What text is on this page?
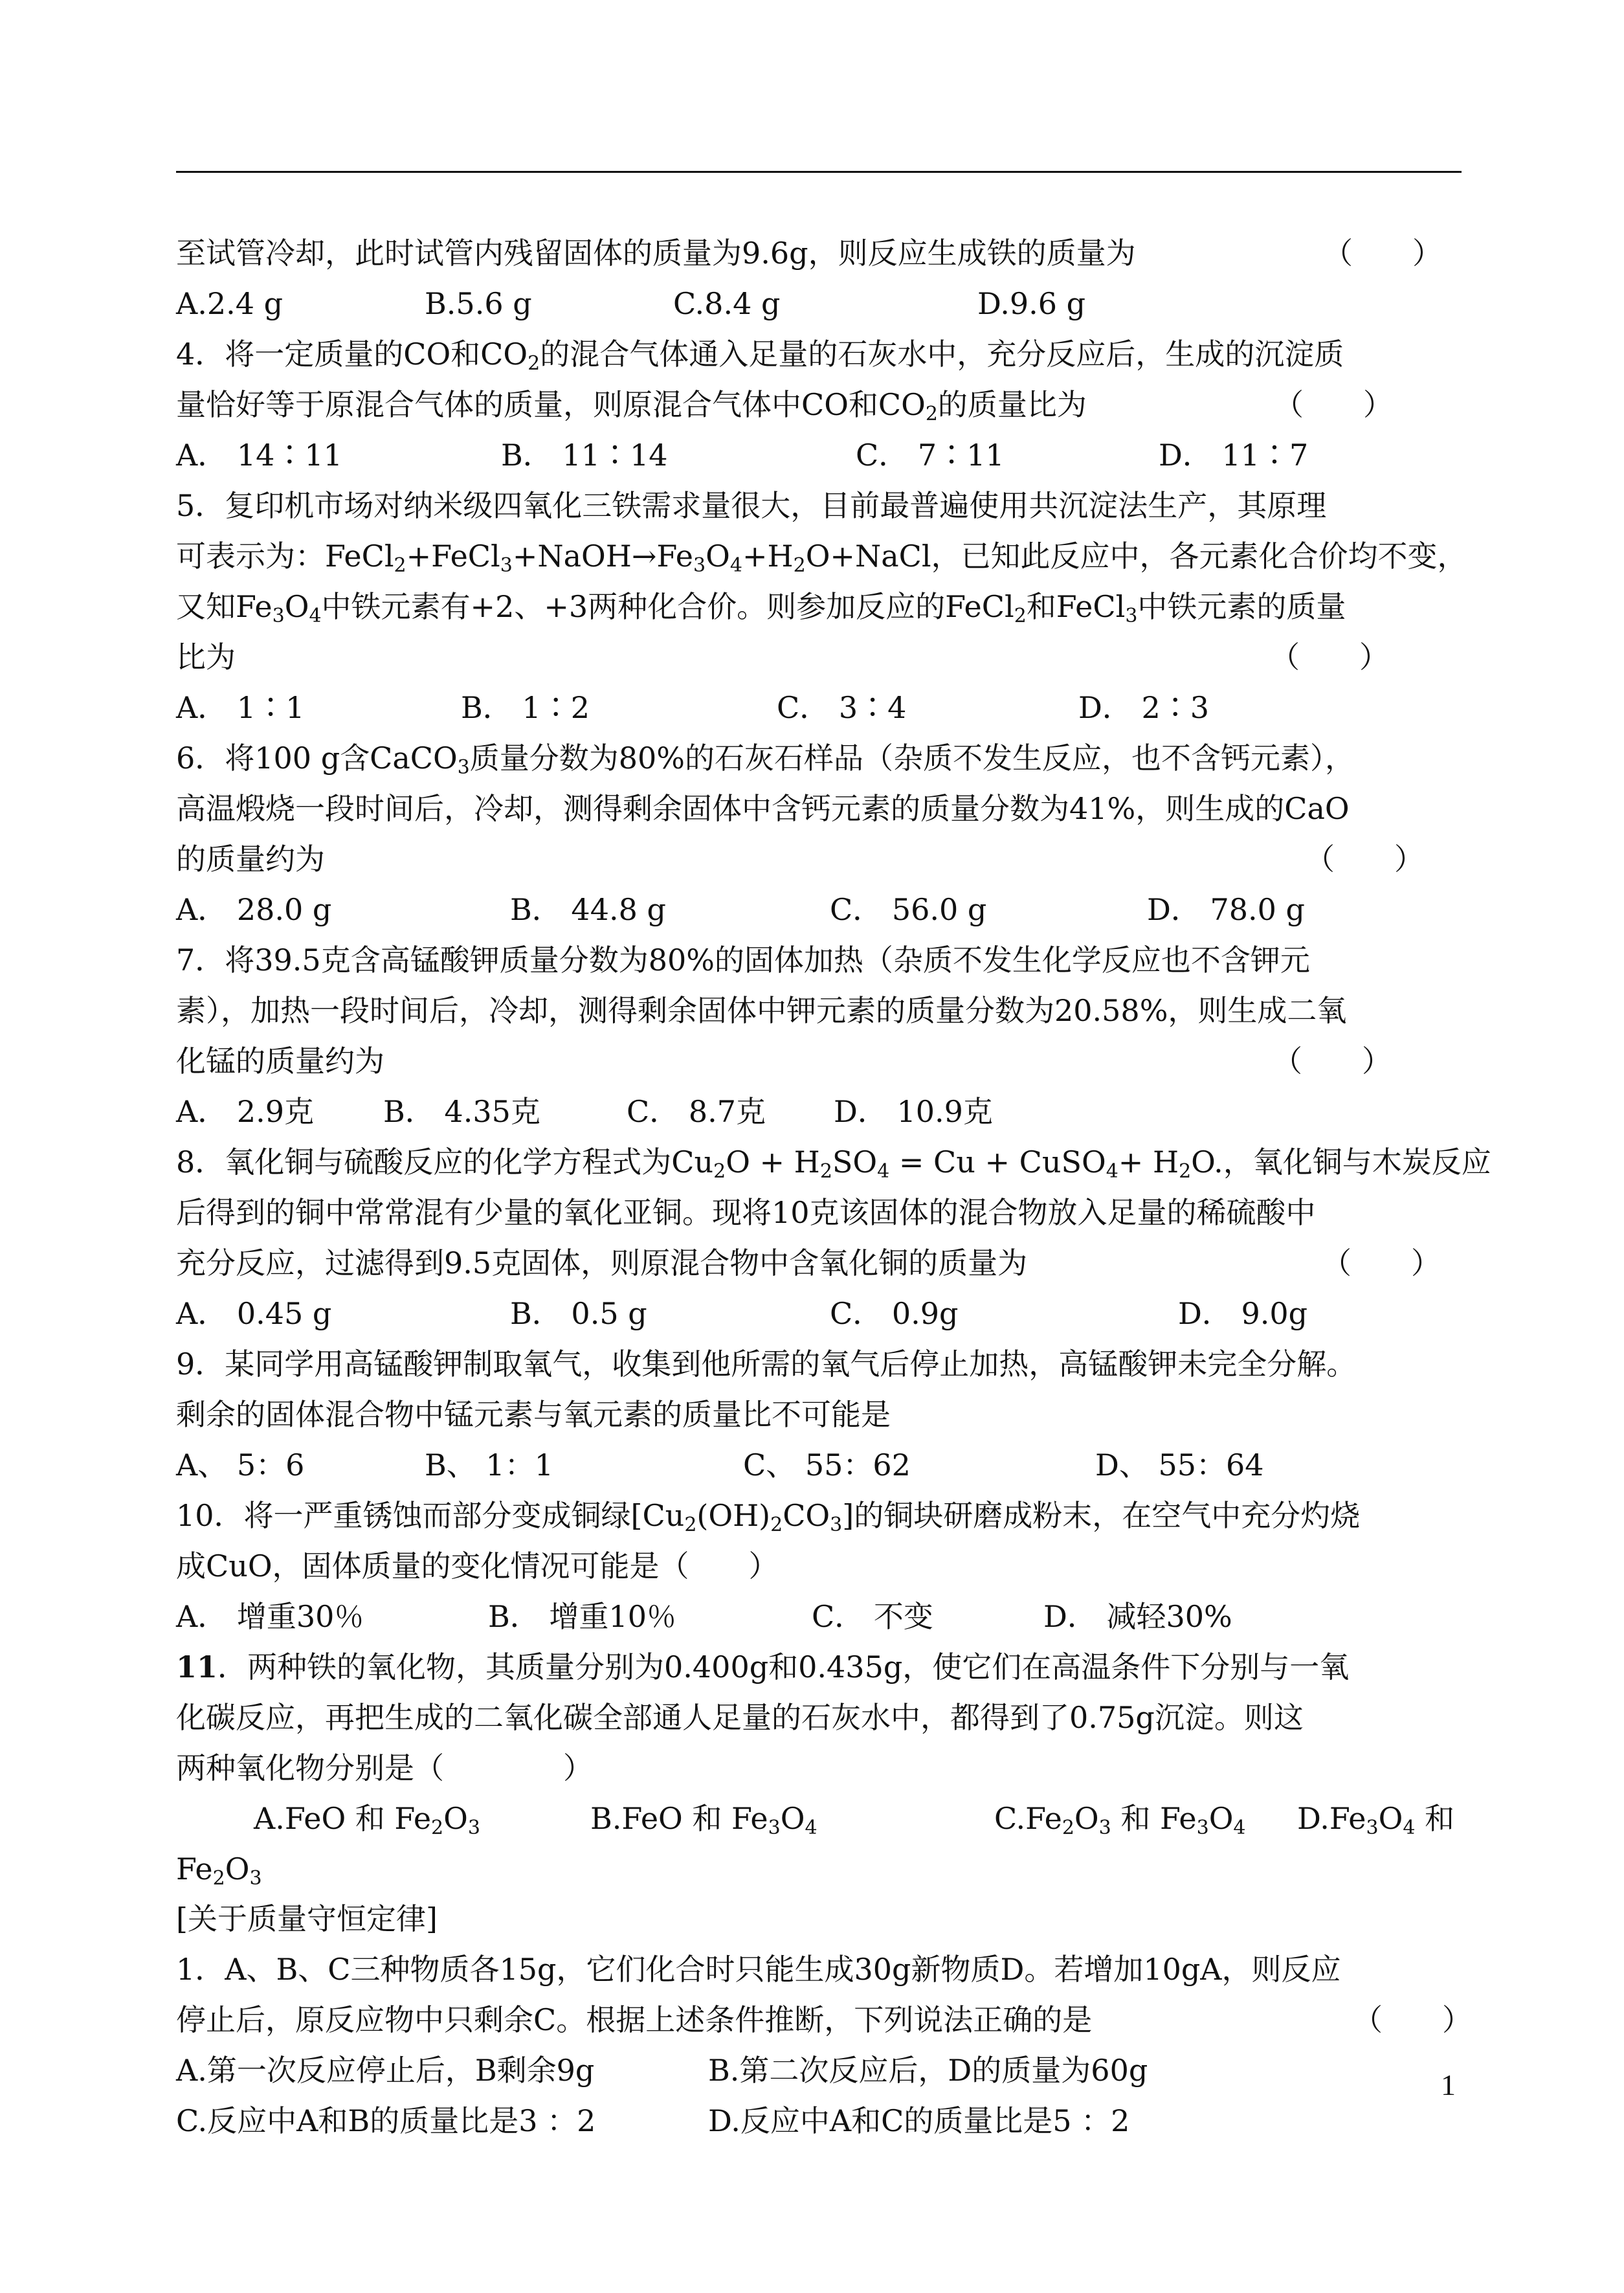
至试管冷却，此时试管内残留固体的质量为9.6g，则反应生成铁的质量为	（　　）
A.2.4 g	B.5.6 g	C.8.4 g	D.9.6 g
4．将一定质量的CO和$CO_2$的混合气体通入足量的石灰水中，充分反应后，生成的沉淀质
量恰好等于原混合气体的质量，则原混合气体中CO和$CO_2$的质量比为	（　　）
A． 14∶11	B． 11∶14	C． 7∶11	D． 11∶7
5．复印机市场对纳米级四氧化三铁需求量很大，目前最普遍使用共沉淀法生产，其原理
可表示为：$FeCl_2+FeCl_3+NaOH\to Fe_3O_4+H_2O+NaCl$，已知此反应中，各元素化合价均不变，
又知$Fe_3O_4$中铁元素有+2、+3两种化合价。则参加反应的FeCl$_2$和FeCl$_3$中铁元素的质量
比为	（　　）
A． 1∶1	B． 1∶2	C． 3∶4	D． 2∶3
6．将100 g含CaCO$_3$质量分数为80%的石灰石样品（杂质不发生反应，也不含钙元素），
高温煅烧一段时间后，冷却，测得剩余固体中含钙元素的质量分数为41%，则生成的CaO
的质量约为	（　　）
A． 28.0 g	B． 44.8 g	C． 56.0 g	D． 78.0 g
7．将39.5克含高锰酸钾质量分数为80%的固体加热（杂质不发生化学反应也不含钾元
素），加热一段时间后，冷却，测得剩余固体中钾元素的质量分数为20.58%，则生成二氧
化锰的质量约为	（　　）
A． 2.9克 B． 4.35克	C． 8.7克 D． 10.9克
8．氧化铜与硫酸反应的化学方程式为$Cu_2O + H_2SO_4 = Cu$ + CuSO$_4$+ $H_2O$.，氧化铜与木炭反应
后得到的铜中常常混有少量的氧化亚铜。现将10克该固体的混合物放入足量的稀硫酸中
充分反应，过滤得到9.5克固体，则原混合物中含氧化铜的质量为	（　　）
A． 0.45 g	B． 0.5 g	C． 0.9g	D． 9.0g
9．某同学用高锰酸钾制取氧气，收集到他所需的氧气后停止加热，高锰酸钾未完全分解。
剩余的固体混合物中锰元素与氧元素的质量比不可能是
A、 5：6	B、 1：1	C、 55：62	D、 55：64
10．将一严重锈蚀而部分变成铜绿$[Cu_2(OH)_2CO_3]$的铜块研磨成粉末，在空气中充分灼烧
成CuO，固体质量的变化情况可能是（　　）
A． 增重30％	B． 增重10％	C． 不变	D． 减轻30%
11．两种铁的氧化物，其质量分别为0.400g和0.435g，使它们在高温条件下分别与一氧
化碳反应，再把生成的二氧化碳全部通人足量的石灰水中，都得到了0.75g沉淀。则这
两种氧化物分别是（　　　　）
A.FeO 和 $Fe_2O_3$	B.FeO 和 $Fe_3O_4$	$C.Fe_2O_3$ 和 $Fe_3O_4$ $D.Fe_3O_4$ 和
$Fe_2O_3$
[关于质量守恒定律]
1．A、B、C三种物质各15g，它们化合时只能生成30g新物质D。若增加10gA，则反应
停止后，原反应物中只剩余C。根据上述条件推断，下列说法正确的是	（　　）
A.第一次反应停止后，B剩余9g	B.第二次反应后，D的质量为60g
C.反应中A和B的质量比是3 ：2	D.反应中A和C的质量比是5 ：2
1
